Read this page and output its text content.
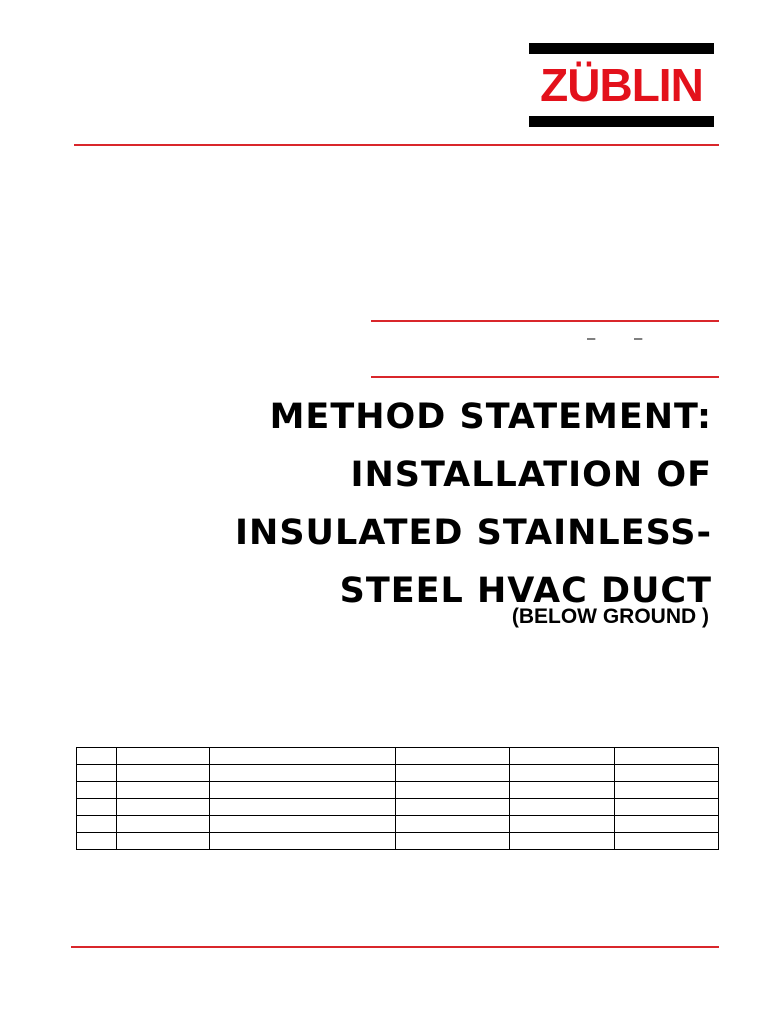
ZÜBLIN
–	–
METHOD STATEMENT:
INSTALLATION OF
INSULATED STAINLESS-
STEEL HVAC DUCT
(BELOW GROUND )
